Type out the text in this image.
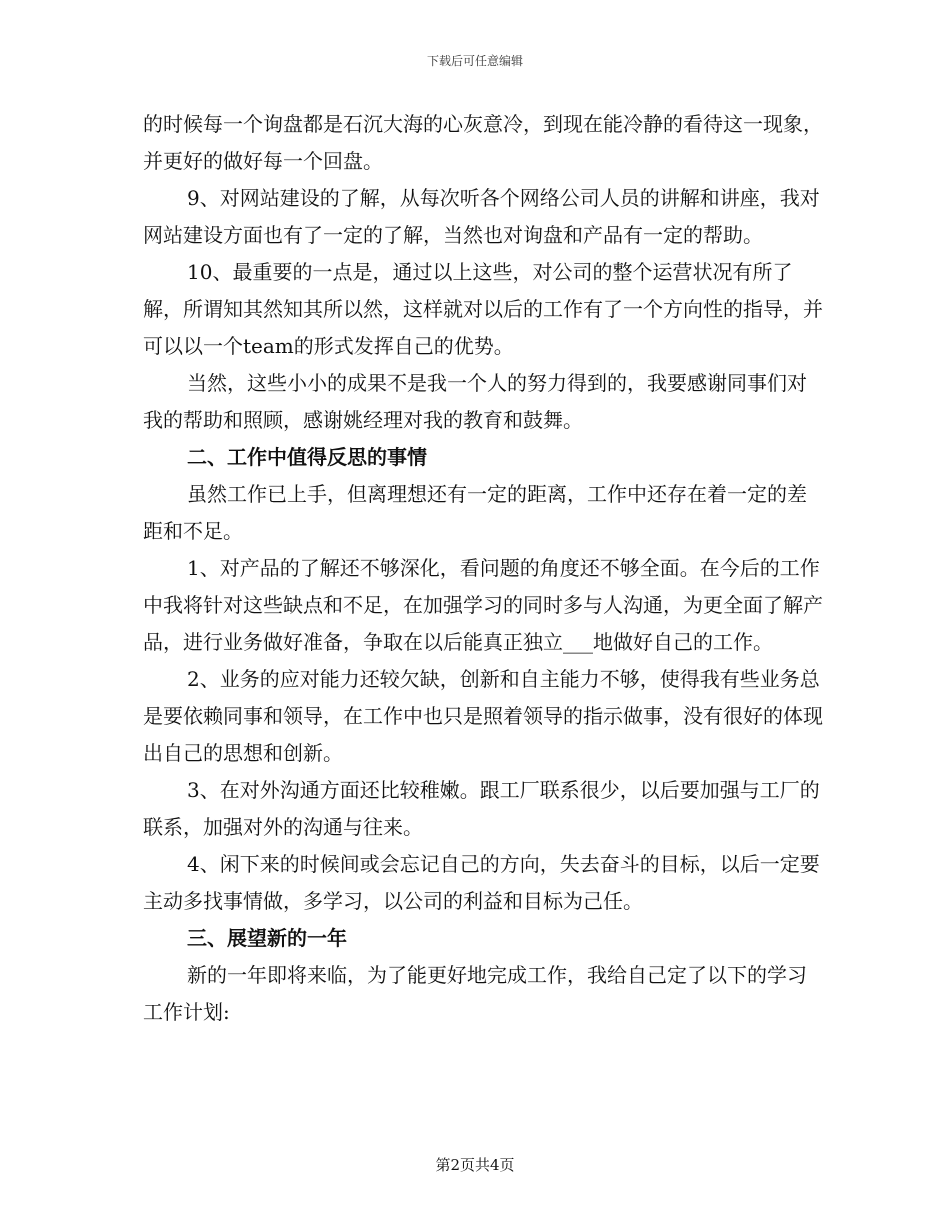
下载后可任意编辑

的时候每一个询盘都是石沉大海的心灰意冷，到现在能冷静的看待这一现象，并更好的做好每一个回盘。

9、对网站建设的了解，从每次听各个网络公司人员的讲解和讲座，我对网站建设方面也有了一定的了解，当然也对询盘和产品有一定的帮助。

10、最重要的一点是，通过以上这些，对公司的整个运营状况有所了解，所谓知其然知其所以然，这样就对以后的工作有了一个方向性的指导，并可以以一个team的形式发挥自己的优势。

当然，这些小小的成果不是我一个人的努力得到的，我要感谢同事们对我的帮助和照顾，感谢姚经理对我的教育和鼓舞。

二、工作中值得反思的事情

虽然工作已上手，但离理想还有一定的距离，工作中还存在着一定的差距和不足。

1、对产品的了解还不够深化，看问题的角度还不够全面。在今后的工作中我将针对这些缺点和不足，在加强学习的同时多与人沟通，为更全面了解产品，进行业务做好准备，争取在以后能真正独立___地做好自己的工作。

2、业务的应对能力还较欠缺，创新和自主能力不够，使得我有些业务总是要依赖同事和领导，在工作中也只是照着领导的指示做事，没有很好的体现出自己的思想和创新。

3、在对外沟通方面还比较稚嫩。跟工厂联系很少，以后要加强与工厂的联系，加强对外的沟通与往来。

4、闲下来的时候间或会忘记自己的方向，失去奋斗的目标，以后一定要主动多找事情做，多学习，以公司的利益和目标为己任。

三、展望新的一年

新的一年即将来临，为了能更好地完成工作，我给自己定了以下的学习工作计划:

第2页共4页
